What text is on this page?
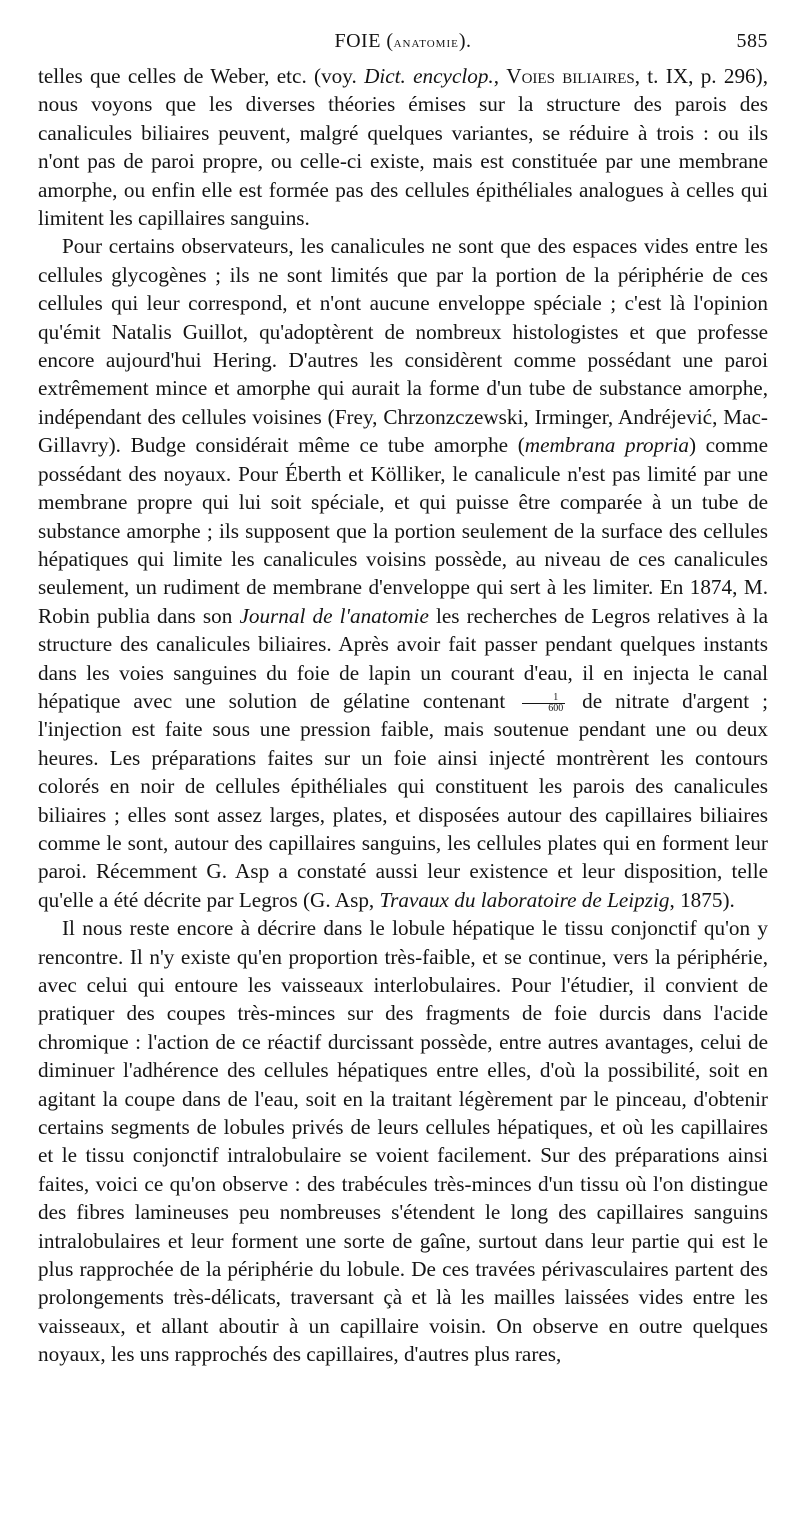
FOIE (anatomie).	585

telles que celles de Weber, etc. (voy. Dict. encyclop., Voies biliaires, t. IX, p. 296), nous voyons que les diverses théories émises sur la structure des parois des canalicules biliaires peuvent, malgré quelques variantes, se réduire à trois : ou ils n'ont pas de paroi propre, ou celle-ci existe, mais est constituée par une membrane amorphe, ou enfin elle est formée pas des cellules épithéliales analogues à celles qui limitent les capillaires sanguins.

Pour certains observateurs, les canalicules ne sont que des espaces vides entre les cellules glycogènes ; ils ne sont limités que par la portion de la périphérie de ces cellules qui leur correspond, et n'ont aucune enveloppe spéciale ; c'est là l'opinion qu'émit Natalis Guillot, qu'adoptèrent de nombreux histologistes et que professe encore aujourd'hui Hering. D'autres les considèrent comme possédant une paroi extrêmement mince et amorphe qui aurait la forme d'un tube de substance amorphe, indépendant des cellules voisines (Frey, Chrzonzczewski, Irminger, Andréjević, Mac-Gillavry). Budge considérait même ce tube amorphe (membrana propria) comme possédant des noyaux. Pour Éberth et Kölliker, le canalicule n'est pas limité par une membrane propre qui lui soit spéciale, et qui puisse être comparée à un tube de substance amorphe ; ils supposent que la portion seulement de la surface des cellules hépatiques qui limite les canalicules voisins possède, au niveau de ces canalicules seulement, un rudiment de membrane d'enveloppe qui sert à les limiter. En 1874, M. Robin publia dans son Journal de l'anatomie les recherches de Legros relatives à la structure des canalicules biliaires. Après avoir fait passer pendant quelques instants dans les voies sanguines du foie de lapin un courant d'eau, il en injecta le canal hépatique avec une solution de gélatine contenant $\frac{1}{600}$ de nitrate d'argent ; l'injection est faite sous une pression faible, mais soutenue pendant une ou deux heures. Les préparations faites sur un foie ainsi injecté montrèrent les contours colorés en noir de cellules épithéliales qui constituent les parois des canalicules biliaires ; elles sont assez larges, plates, et disposées autour des capillaires biliaires comme le sont, autour des capillaires sanguins, les cellules plates qui en forment leur paroi. Récemment G. Asp a constaté aussi leur existence et leur disposition, telle qu'elle a été décrite par Legros (G. Asp, Travaux du laboratoire de Leipzig, 1875).

Il nous reste encore à décrire dans le lobule hépatique le tissu conjonctif qu'on y rencontre. Il n'y existe qu'en proportion très-faible, et se continue, vers la périphérie, avec celui qui entoure les vaisseaux interlobulaires. Pour l'étudier, il convient de pratiquer des coupes très-minces sur des fragments de foie durcis dans l'acide chromique : l'action de ce réactif durcissant possède, entre autres avantages, celui de diminuer l'adhérence des cellules hépatiques entre elles, d'où la possibilité, soit en agitant la coupe dans de l'eau, soit en la traitant légèrement par le pinceau, d'obtenir certains segments de lobules privés de leurs cellules hépatiques, et où les capillaires et le tissu conjonctif intralobulaire se voient facilement. Sur des préparations ainsi faites, voici ce qu'on observe : des trabécules très-minces d'un tissu où l'on distingue des fibres lamineuses peu nombreuses s'étendent le long des capillaires sanguins intralobulaires et leur forment une sorte de gaîne, surtout dans leur partie qui est le plus rapprochée de la périphérie du lobule. De ces travées périvasculaires partent des prolongements très-délicats, traversant çà et là les mailles laissées vides entre les vaisseaux, et allant aboutir à un capillaire voisin. On observe en outre quelques noyaux, les uns rapprochés des capillaires, d'autres plus rares,
